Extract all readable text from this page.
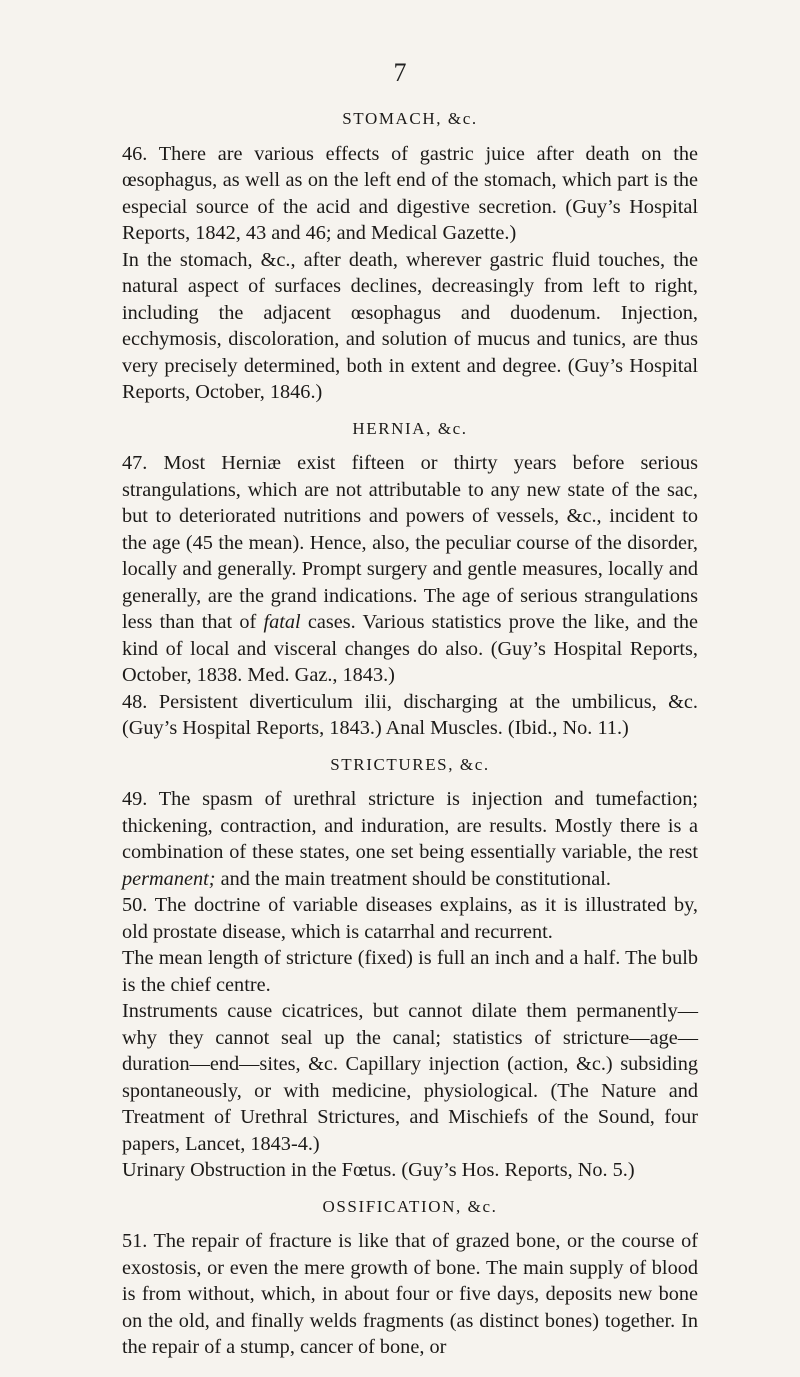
7
STOMACH, &c.

46. There are various effects of gastric juice after death on the œsophagus, as well as on the left end of the stomach, which part is the especial source of the acid and digestive secretion. (Guy’s Hospital Reports, 1842, 43 and 46; and Medical Gazette.)

In the stomach, &c., after death, wherever gastric fluid touches, the natural aspect of surfaces declines, decreasingly from left to right, including the adjacent œsophagus and duodenum. Injection, ecchymosis, discoloration, and solution of mucus and tunics, are thus very precisely determined, both in extent and degree. (Guy’s Hospital Reports, October, 1846.)

HERNIA, &c.

47. Most Herniæ exist fifteen or thirty years before serious strangulations, which are not attributable to any new state of the sac, but to deteriorated nutritions and powers of vessels, &c., incident to the age (45 the mean). Hence, also, the peculiar course of the disorder, locally and generally. Prompt surgery and gentle measures, locally and generally, are the grand indications. The age of serious strangulations less than that of fatal cases. Various statistics prove the like, and the kind of local and visceral changes do also. (Guy’s Hospital Reports, October, 1838. Med. Gaz., 1843.)

48. Persistent diverticulum ilii, discharging at the umbilicus, &c. (Guy’s Hospital Reports, 1843.) Anal Muscles. (Ibid., No. 11.)

STRICTURES, &c.

49. The spasm of urethral stricture is injection and tumefaction; thickening, contraction, and induration, are results. Mostly there is a combination of these states, one set being essentially variable, the rest permanent; and the main treatment should be constitutional.

50. The doctrine of variable diseases explains, as it is illustrated by, old prostate disease, which is catarrhal and recurrent.

The mean length of stricture (fixed) is full an inch and a half. The bulb is the chief centre.

Instruments cause cicatrices, but cannot dilate them permanently—why they cannot seal up the canal; statistics of stricture—age—duration—end—sites, &c. Capillary injection (action, &c.) subsiding spontaneously, or with medicine, physiological. (The Nature and Treatment of Urethral Strictures, and Mischiefs of the Sound, four papers, Lancet, 1843-4.)

Urinary Obstruction in the Fœtus. (Guy’s Hos. Reports, No. 5.)

OSSIFICATION, &c.

51. The repair of fracture is like that of grazed bone, or the course of exostosis, or even the mere growth of bone. The main supply of blood is from without, which, in about four or five days, deposits new bone on the old, and finally welds fragments (as distinct bones) together. In the repair of a stump, cancer of bone, or
